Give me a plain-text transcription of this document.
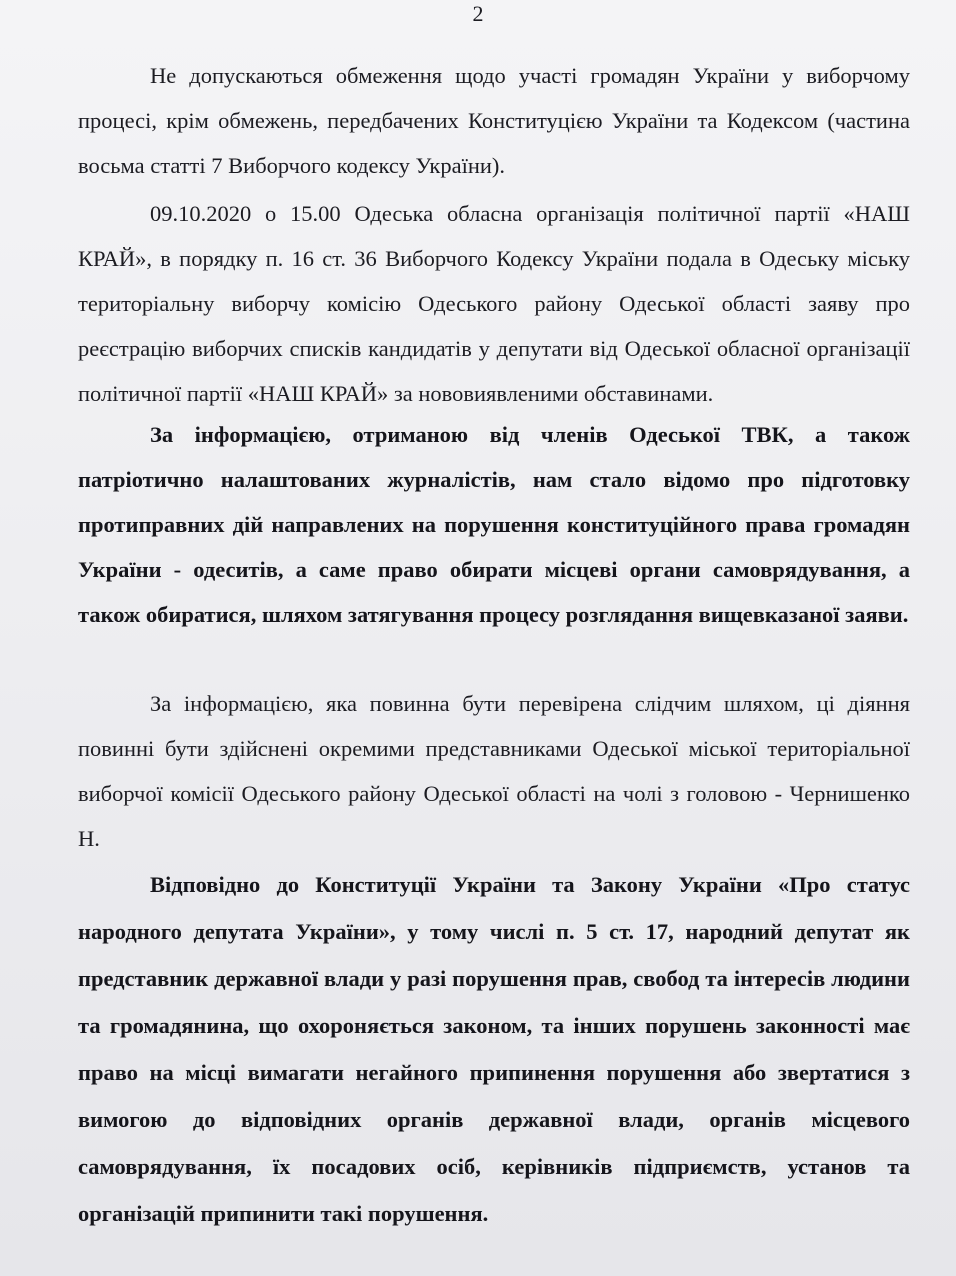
2

Не допускаються обмеження щодо участі громадян України у виборчому процесі, крім обмежень, передбачених Конституцією України та Кодексом (частина восьма статті 7 Виборчого кодексу України).

09.10.2020 о 15.00 Одеська обласна організація політичної партії «НАШ КРАЙ», в порядку п. 16 ст. 36 Виборчого Кодексу України подала в Одеську міську територіальну виборчу комісію Одеського району Одеської області заяву про реєстрацію виборчих списків кандидатів у депутати від Одеської обласної організації політичної партії «НАШ КРАЙ» за нововиявленими обставинами.

За інформацією, отриманою від членів Одеської ТВК, а також патріотично налаштованих журналістів, нам стало відомо про підготовку протиправних дій направлених на порушення конституційного права громадян України - одеситів, а саме право обирати місцеві органи самоврядування, а також обиратися, шляхом затягування процесу розглядання вищевказаної заяви.

За інформацією, яка повинна бути перевірена слідчим шляхом, ці діяння повинні бути здійснені окремими представниками Одеської міської територіальної виборчої комісії Одеського району Одеської області на чолі з головою - Чернишенко Н.

Відповідно до Конституції України та Закону України «Про статус народного депутата України», у тому числі п. 5 ст. 17, народний депутат як представник державної влади у разі порушення прав, свобод та інтересів людини та громадянина, що охороняється законом, та інших порушень законності має право на місці вимагати негайного припинення порушення або звертатися з вимогою до відповідних органів державної влади, органів місцевого самоврядування, їх посадових осіб, керівників підприємств, установ та організацій припинити такі порушення.
